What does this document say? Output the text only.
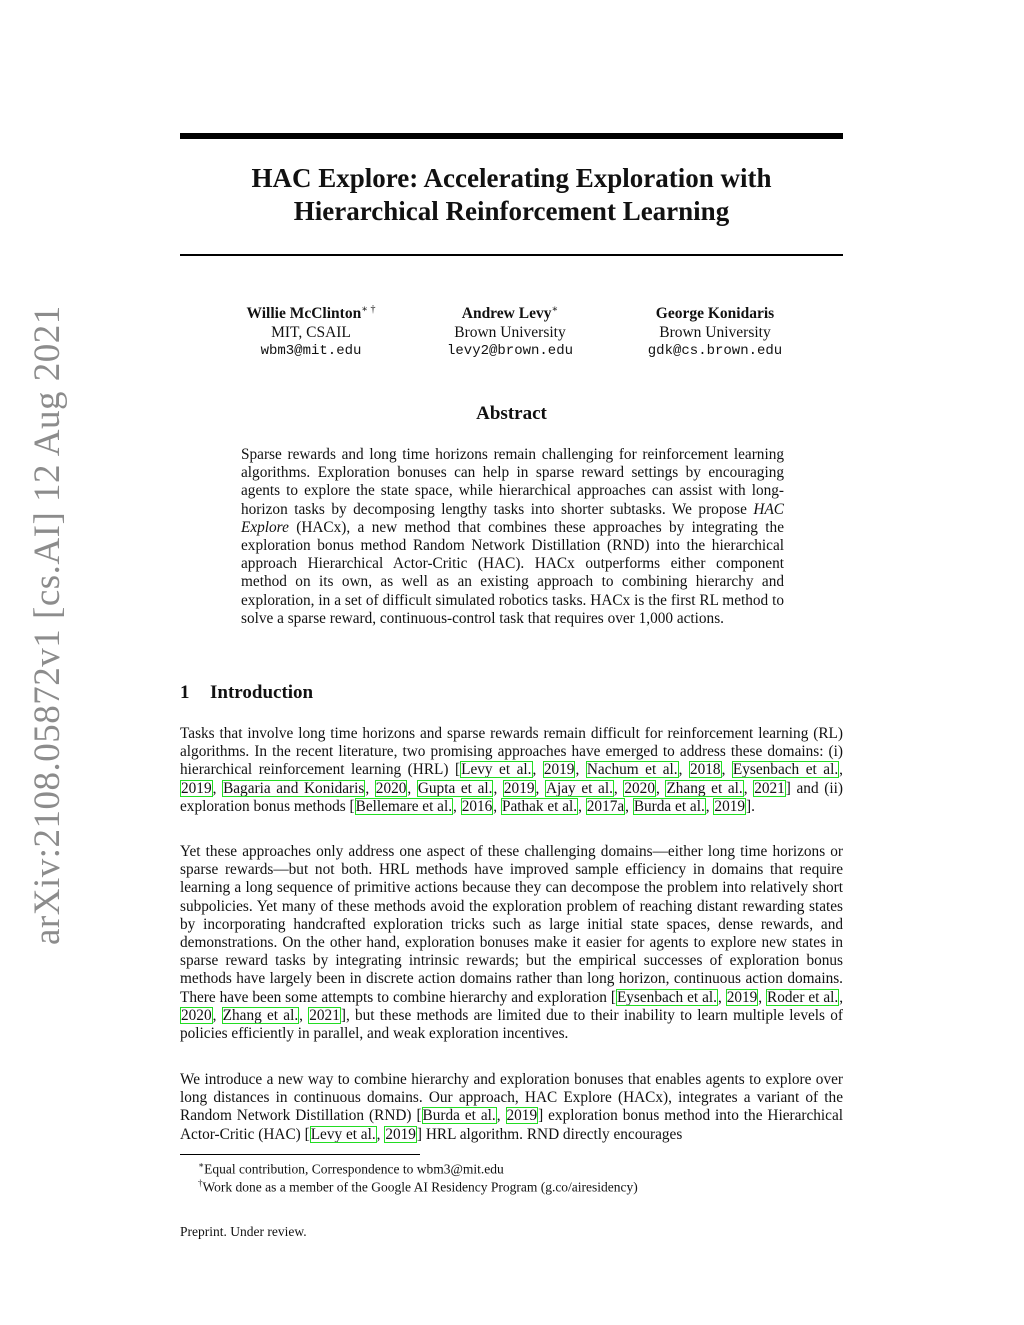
arXiv:2108.05872v1 [cs.AI] 12 Aug 2021
HAC Explore: Accelerating Exploration with
Hierarchical Reinforcement Learning
Willie McClinton∗ †
MIT, CSAIL
wbm3@mit.edu
Andrew Levy∗
Brown University
levy2@brown.edu
George Konidaris
Brown University
gdk@cs.brown.edu
Abstract

Sparse rewards and long time horizons remain challenging for reinforcement learning algorithms. Exploration bonuses can help in sparse reward settings by encouraging agents to explore the state space, while hierarchical approaches can assist with long-horizon tasks by decomposing lengthy tasks into shorter subtasks. We propose HAC Explore (HACx), a new method that combines these approaches by integrating the exploration bonus method Random Network Distillation (RND) into the hierarchical approach Hierarchical Actor-Critic (HAC). HACx outperforms either component method on its own, as well as an existing approach to combining hierarchy and exploration, in a set of difficult simulated robotics tasks. HACx is the first RL method to solve a sparse reward, continuous-control task that requires over 1,000 actions.

1 Introduction

Tasks that involve long time horizons and sparse rewards remain difficult for reinforcement learning (RL) algorithms. In the recent literature, two promising approaches have emerged to address these domains: (i) hierarchical reinforcement learning (HRL) [Levy et al., 2019, Nachum et al., 2018, Eysenbach et al., 2019, Bagaria and Konidaris, 2020, Gupta et al., 2019, Ajay et al., 2020, Zhang et al., 2021] and (ii) exploration bonus methods [Bellemare et al., 2016, Pathak et al., 2017a, Burda et al., 2019].

Yet these approaches only address one aspect of these challenging domains—either long time horizons or sparse rewards—but not both. HRL methods have improved sample efficiency in domains that require learning a long sequence of primitive actions because they can decompose the problem into relatively short subpolicies. Yet many of these methods avoid the exploration problem of reaching distant rewarding states by incorporating handcrafted exploration tricks such as large initial state spaces, dense rewards, and demonstrations. On the other hand, exploration bonuses make it easier for agents to explore new states in sparse reward tasks by integrating intrinsic rewards; but the empirical successes of exploration bonus methods have largely been in discrete action domains rather than long horizon, continuous action domains. There have been some attempts to combine hierarchy and exploration [Eysenbach et al., 2019, Roder et al., 2020, Zhang et al., 2021], but these methods are limited due to their inability to learn multiple levels of policies efficiently in parallel, and weak exploration incentives.

We introduce a new way to combine hierarchy and exploration bonuses that enables agents to explore over long distances in continuous domains. Our approach, HAC Explore (HACx), integrates a variant of the Random Network Distillation (RND) [Burda et al., 2019] exploration bonus method into the Hierarchical Actor-Critic (HAC) [Levy et al., 2019] HRL algorithm. RND directly encourages

∗Equal contribution, Correspondence to wbm3@mit.edu

†Work done as a member of the Google AI Residency Program (g.co/airesidency)

Preprint. Under review.
